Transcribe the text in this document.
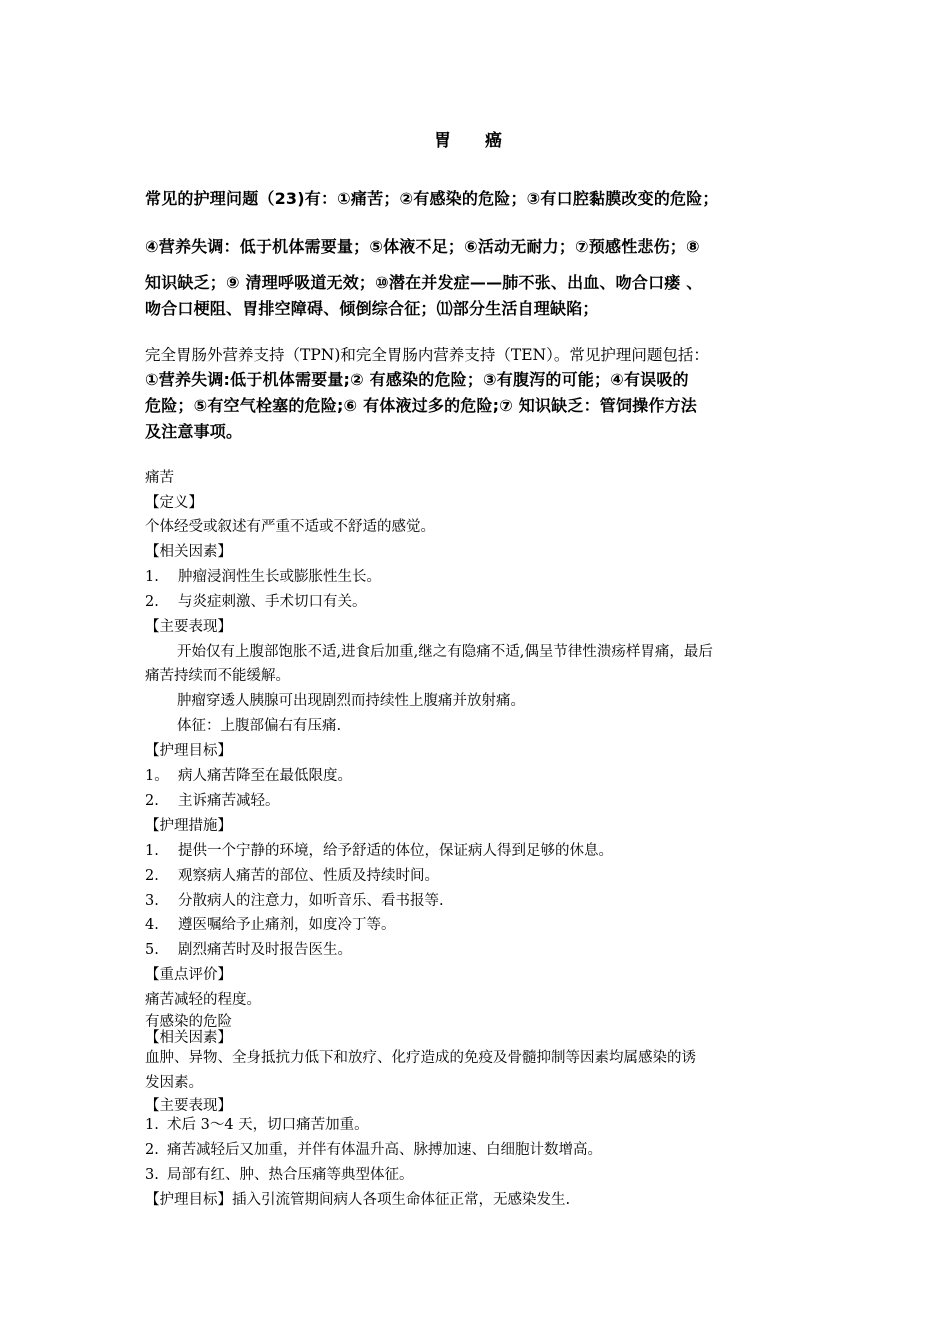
胃 癌
常见的护理问题（23)有：①痛苦；②有感染的危险；③有口腔黏膜改变的危险；
④营养失调：低于机体需要量；⑤体液不足；⑥活动无耐力；⑦预感性悲伤；⑧
知识缺乏；⑨ 清理呼吸道无效；⑩潜在并发症——肺不张、出血、吻合口瘘 、
吻合口梗阻、胃排空障碍、倾倒综合征；⑾部分生活自理缺陷；
完全胃肠外营养支持（TPN)和完全胃肠内营养支持（TEN）。常见护理问题包括：
①营养失调:低于机体需要量;② 有感染的危险；③有腹泻的可能；④有误吸的
危险；⑤有空气栓塞的危险;⑥ 有体液过多的危险;⑦ 知识缺乏：管饲操作方法
及注意事项。
痛苦
【定义】
个体经受或叙述有严重不适或不舒适的感觉。
【相关因素】
1. 肿瘤浸润性生长或膨胀性生长。
2. 与炎症刺激、手术切口有关。
【主要表现】
开始仅有上腹部饱胀不适,进食后加重,继之有隐痛不适,偶呈节律性溃疡样胃痛，最后
痛苦持续而不能缓解。
肿瘤穿透人胰腺可出现剧烈而持续性上腹痛并放射痛。
体征：上腹部偏右有压痛.
【护理目标】
1。 病人痛苦降至在最低限度。
2. 主诉痛苦减轻。
【护理措施】
1. 提供一个宁静的环境，给予舒适的体位，保证病人得到足够的休息。
2. 观察病人痛苦的部位、性质及持续时间。
3. 分散病人的注意力，如听音乐、看书报等.
4. 遵医嘱给予止痛剂，如度冷丁等。
5. 剧烈痛苦时及时报告医生。
【重点评价】
痛苦减轻的程度。
有感染的危险
【相关因素】
血肿、异物、全身抵抗力低下和放疗、化疗造成的免疫及骨髓抑制等因素均属感染的诱
发因素。
【主要表现】
1. 术后 3～4 天，切口痛苦加重。
2. 痛苦减轻后又加重，并伴有体温升高、脉搏加速、白细胞计数增高。
3. 局部有红、肿、热合压痛等典型体征。
【护理目标】插入引流管期间病人各项生命体征正常，无感染发生.
